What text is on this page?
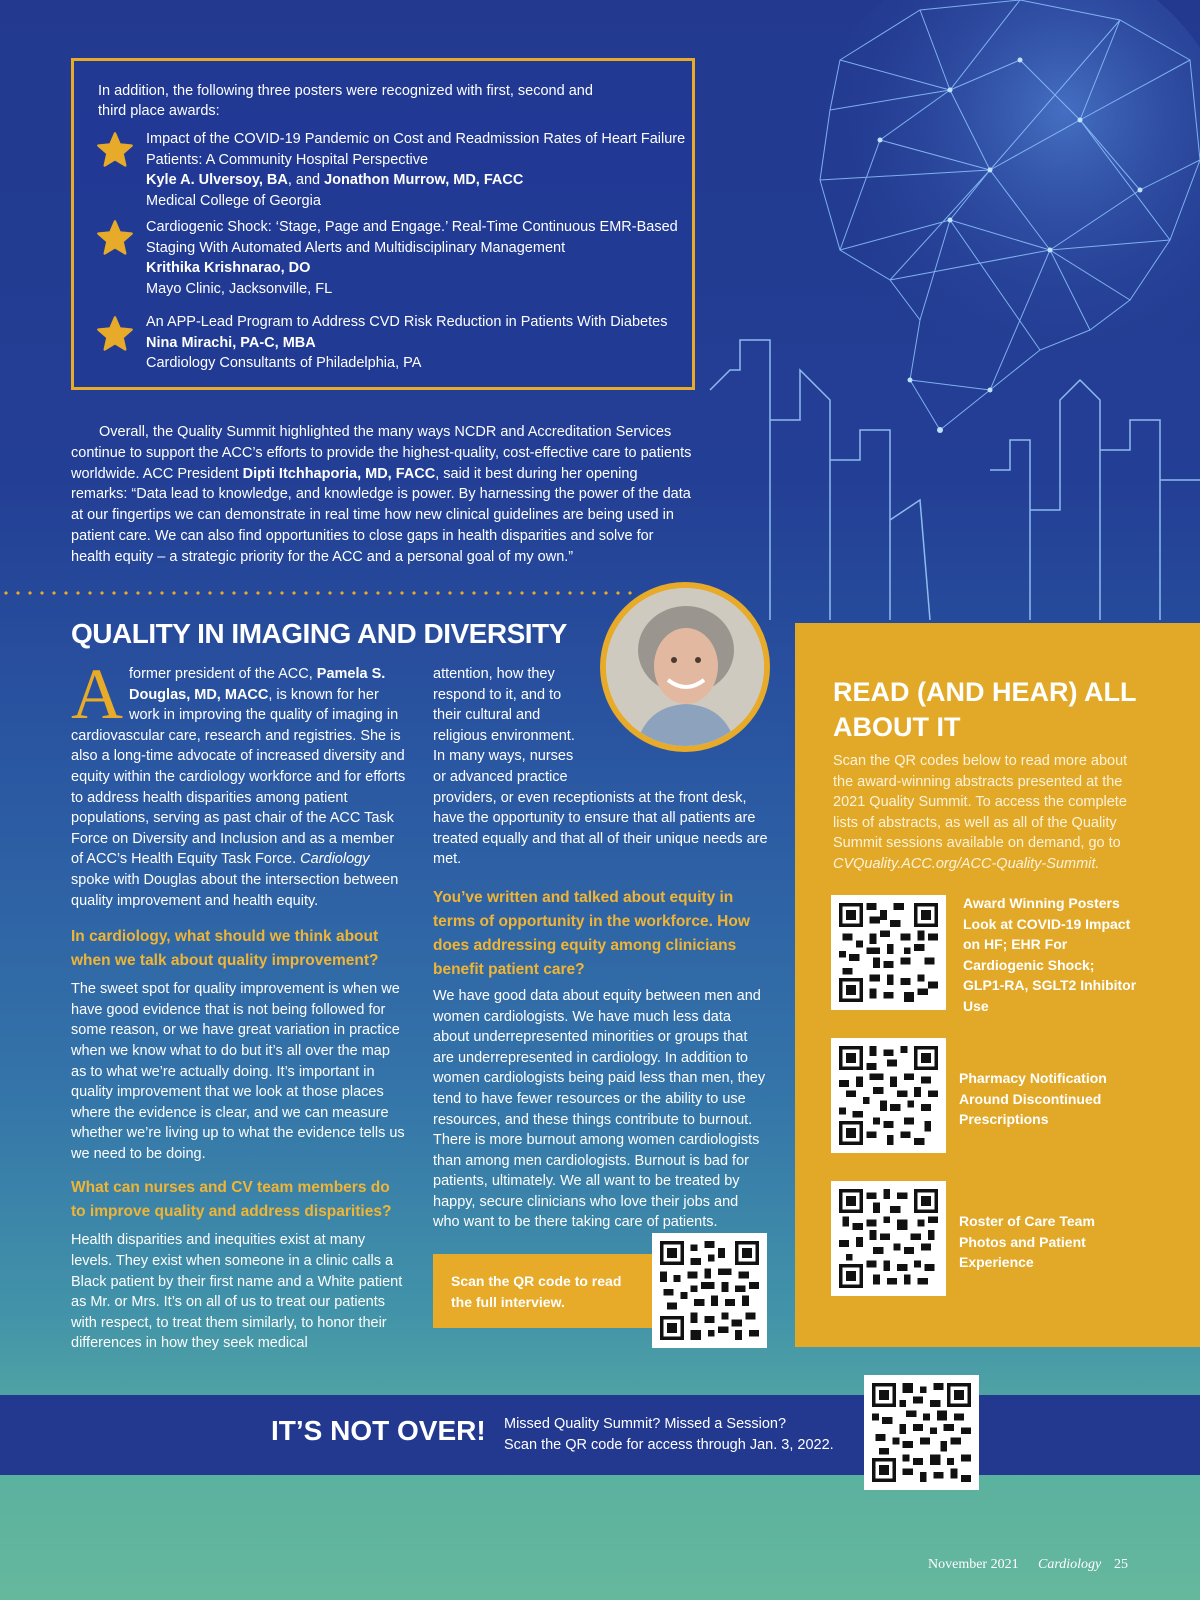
In addition, the following three posters were recognized with first, second and third place awards:
Impact of the COVID-19 Pandemic on Cost and Readmission Rates of Heart Failure Patients: A Community Hospital Perspective
Kyle A. Ulversoy, BA, and Jonathon Murrow, MD, FACC
Medical College of Georgia
Cardiogenic Shock: ‘Stage, Page and Engage.’ Real-Time Continuous EMR-Based Staging With Automated Alerts and Multidisciplinary Management
Krithika Krishnarao, DO
Mayo Clinic, Jacksonville, FL
An APP-Lead Program to Address CVD Risk Reduction in Patients With Diabetes
Nina Mirachi, PA-C, MBA
Cardiology Consultants of Philadelphia, PA
Overall, the Quality Summit highlighted the many ways NCDR and Accreditation Services continue to support the ACC’s efforts to provide the highest-quality, cost-effective care to patients worldwide. ACC President Dipti Itchhaporia, MD, FACC, said it best during her opening remarks: “Data lead to knowledge, and knowledge is power. By harnessing the power of the data at our fingertips we can demonstrate in real time how new clinical guidelines are being used in patient care. We can also find opportunities to close gaps in health disparities and solve for health equity – a strategic priority for the ACC and a personal goal of my own.”
QUALITY IN IMAGING AND DIVERSITY
A former president of the ACC, Pamela S. Douglas, MD, MACC, is known for her work in improving the quality of imaging in cardiovascular care, research and registries. She is also a long-time advocate of increased diversity and equity within the cardiology workforce and for efforts to address health disparities among patient populations, serving as past chair of the ACC Task Force on Diversity and Inclusion and as a member of ACC’s Health Equity Task Force. Cardiology spoke with Douglas about the intersection between quality improvement and health equity.

In cardiology, what should we think about when we talk about quality improvement?

The sweet spot for quality improvement is when we have good evidence that is not being followed for some reason, or we have great variation in practice when we know what to do but it’s all over the map as to what we’re actually doing. It’s important in quality improvement that we look at those places where the evidence is clear, and we can measure whether we’re living up to what the evidence tells us we need to be doing.

What can nurses and CV team members do to improve quality and address disparities?

Health disparities and inequities exist at many levels. They exist when someone in a clinic calls a Black patient by their first name and a White patient as Mr. or Mrs. It’s on all of us to treat our patients with respect, to treat them similarly, to honor their differences in how they seek medical
attention, how they respond to it, and to their cultural and religious environment. In many ways, nurses or advanced practice providers, or even receptionists at the front desk, have the opportunity to ensure that all patients are treated equally and that all of their unique needs are met.

You’ve written and talked about equity in terms of opportunity in the workforce. How does addressing equity among clinicians benefit patient care?

We have good data about equity between men and women cardiologists. We have much less data about underrepresented minorities or groups that are underrepresented in cardiology. In addition to women cardiologists being paid less than men, they tend to have fewer resources or the ability to use resources, and these things contribute to burnout. There is more burnout among women cardiologists than among men cardiologists. Burnout is bad for patients, ultimately. We all want to be treated by happy, secure clinicians who love their jobs and who want to be there taking care of patients.
Scan the QR code to read the full interview.
READ (AND HEAR) ALL ABOUT IT
Scan the QR codes below to read more about the award-winning abstracts presented at the 2021 Quality Summit. To access the complete lists of abstracts, as well as all of the Quality Summit sessions available on demand, go to CVQuality.ACC.org/ACC-Quality-Summit.
Award Winning Posters Look at COVID-19 Impact on HF; EHR For Cardiogenic Shock; GLP1-RA, SGLT2 Inhibitor Use
Pharmacy Notification Around Discontinued Prescriptions
Roster of Care Team Photos and Patient Experience
IT’S NOT OVER! Missed Quality Summit? Missed a Session?
Scan the QR code for access through Jan. 3, 2022.
November 2021 Cardiology 25
